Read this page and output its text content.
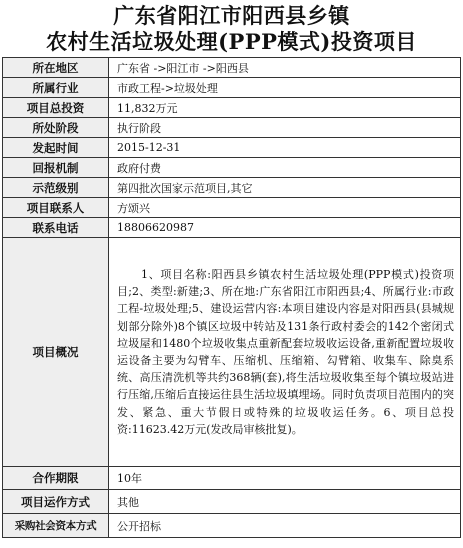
广东省阳江市阳西县乡镇
农村生活垃圾处理(PPP模式)投资项目
所在地区	广东省 ->阳江市 ->阳西县
所属行业	市政工程->垃圾处理
项目总投资	11,832万元
所处阶段	执行阶段
发起时间	2015-12-31
回报机制	政府付费
示范级别	第四批次国家示范项目,其它
项目联系人	方颂兴
联系电话	18806620987
项目概况	1、项目名称:阳西县乡镇农村生活垃圾处理(PPP模式)投资项目;2、类型:新建;3、所在地:广东省阳江市阳西县;4、所属行业:市政工程-垃圾处理;5、建设运营内容:本项目建设内容是对阳西县(县城规划部分除外)8个镇区垃圾中转站及131条行政村委会的142个密闭式垃圾屋和1480个垃圾收集点重新配套垃圾收运设备,重新配置垃圾收运设备主要为勾臂车、压缩机、压缩箱、勾臂箱、收集车、除臭系统、高压清洗机等共约368辆(套),将生活垃圾收集至每个镇垃圾站进行压缩,压缩后直接运往县生活垃圾填埋场。同时负责项目范围内的突发、紧急、重大节假日或特殊的垃圾收运任务。6、项目总投资:11623.42万元(发改局审核批复)。
合作期限	10年
项目运作方式	其他
采购社会资本方式	公开招标
